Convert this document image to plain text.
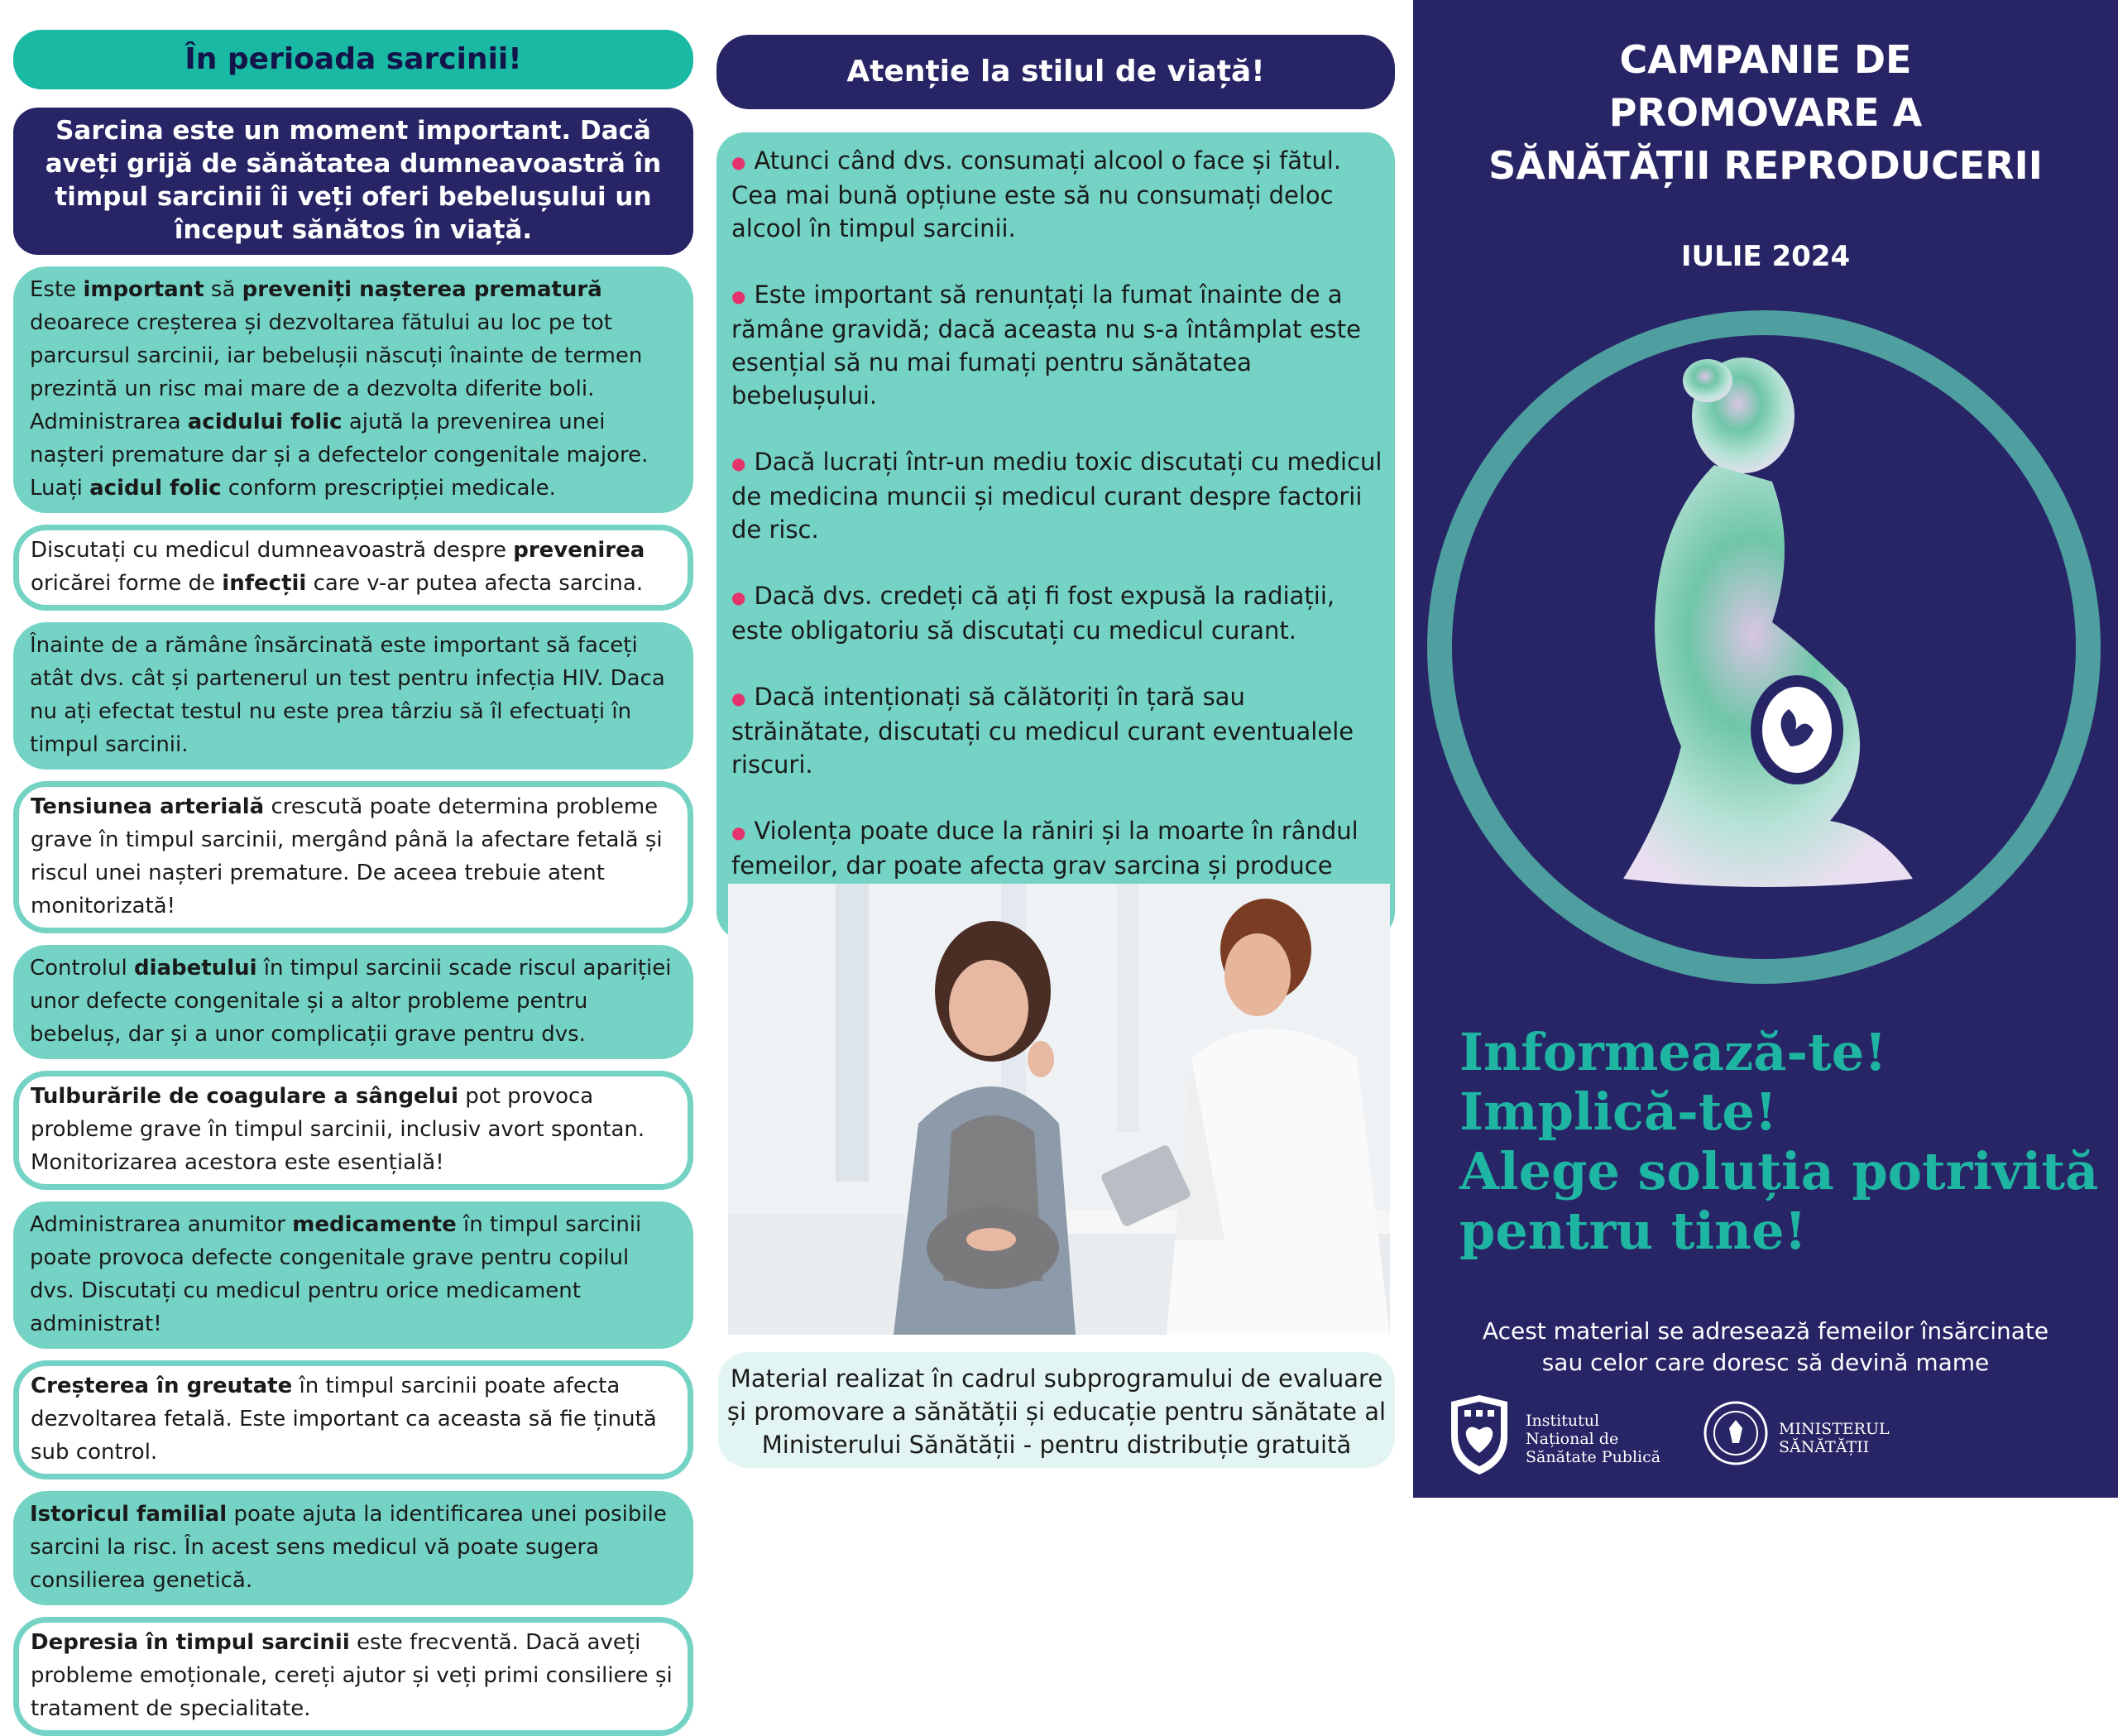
În perioada sarcinii!
Sarcina este un moment important. Dacă aveți grijă de sănătatea dumneavoastră în timpul sarcinii îi veți oferi bebelușului un început sănătos în viață.
Este important să preveniți nașterea prematură deoarece creșterea și dezvoltarea fătului au loc pe tot parcursul sarcinii, iar bebelușii născuți înainte de termen prezintă un risc mai mare de a dezvolta diferite boli. Administrarea acidului folic ajută la prevenirea unei nașteri premature dar și a defectelor congenitale majore. Luați acidul folic conform prescripției medicale.
Discutați cu medicul dumneavoastră despre prevenirea oricărei forme de infecții care v-ar putea afecta sarcina.
Înainte de a rămâne însărcinată este important să faceți atât dvs. cât și partenerul un test pentru infecția HIV. Daca nu ați efectat testul nu este prea târziu să îl efectuați în timpul sarcinii.
Tensiunea arterială crescută poate determina probleme grave în timpul sarcinii, mergând până la afectare fetală și riscul unei nașteri premature. De aceea trebuie atent monitorizată!
Controlul diabetului în timpul sarcinii scade riscul apariției unor defecte congenitale și a altor probleme pentru bebeluș, dar și a unor complicații grave pentru dvs.
Tulburările de coagulare a sângelui pot provoca probleme grave în timpul sarcinii, inclusiv avort spontan. Monitorizarea acestora este esențială!
Administrarea anumitor medicamente în timpul sarcinii poate provoca defecte congenitale grave pentru copilul dvs. Discutați cu medicul pentru orice medicament administrat!
Creșterea în greutate în timpul sarcinii poate afecta dezvoltarea fetală. Este important ca aceasta să fie ținută sub control.
Istoricul familial poate ajuta la identificarea unei posibile sarcini la risc. În acest sens medicul vă poate sugera consilierea genetică.
Depresia în timpul sarcinii este frecventă. Dacă aveți probleme emoționale, cereți ajutor și veți primi consiliere și tratament de specialitate.
Atenție la stilul de viață!
● Atunci când dvs. consumați alcool o face și fătul. Cea mai bună opțiune este să nu consumați deloc alcool în timpul sarcinii.
● Este important să renunțați la fumat înainte de a rămâne gravidă; dacă aceasta nu s-a întâmplat este esențial să nu mai fumați pentru sănătatea bebelușului.
● Dacă lucrați într-un mediu toxic discutați cu medicul de medicina muncii și medicul curant despre factorii de risc.
● Dacă dvs. credeți că ați fi fost expusă la radiații, este obligatoriu să discutați cu medicul curant.
● Dacă intenționați să călătoriți în țară sau străinătate, discutați cu medicul curant eventualele riscuri.
● Violența poate duce la răniri și la moarte în rândul femeilor, dar poate afecta grav sarcina și produce
Material realizat în cadrul subprogramului de evaluare și promovare a sănătății și educație pentru sănătate al Ministerului Sănătății - pentru distribuție gratuită
CAMPANIE DE
PROMOVARE A
SĂNĂTĂȚII REPRODUCERII
IULIE 2024
Informează-te!
Implică-te!
Alege soluția potrivită
pentru tine!
Acest material se adresează femeilor însărcinate
sau celor care doresc să devină mame
Institutul
Național de
Sănătate Publică
MINISTERUL
SĂNĂTĂȚII
